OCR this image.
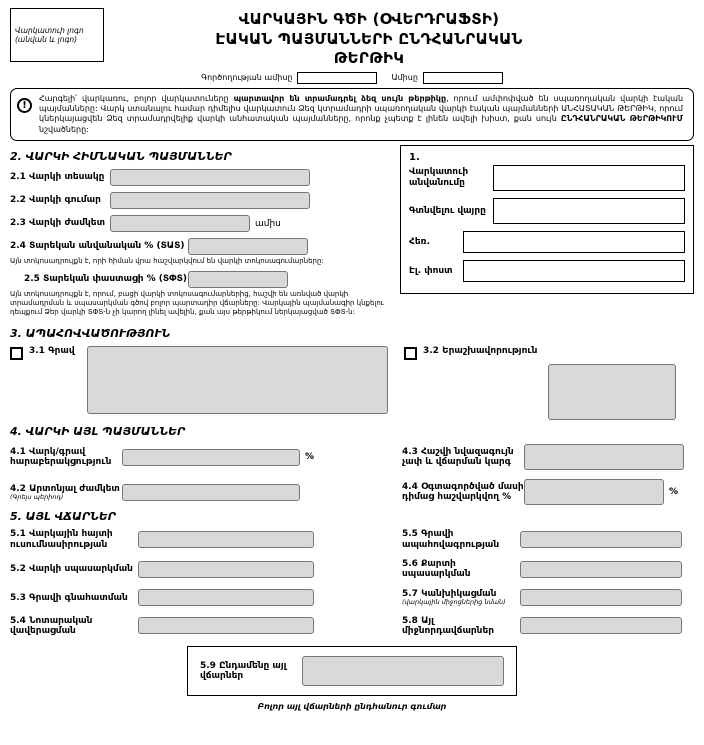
Վարկատուի լոգո (անվան և լոգո)
ՎԱՐԿԱՅԻՆ ԳԾԻ (ՕՎԵՐԴՐԱՖՏԻ)
ԷԱԿԱՆ ՊԱՅՄԱՆՆԵՐԻ ԸՆԴՀԱՆՐԱԿԱՆ
ԹԵՐԹԻԿ
Գործողության ամիսը	Ամիսը
!
Հարգելի՛ վարկառու, բոլոր վարկատուները պարտավոր են տրամադրել ձեզ սույն թերթիկը, որում ամփոփված են սպառողական վարկի էական պայմանները: Վարկ ստանալու համար դիմելիս վարկատուն Ձեզ կտրամադրի սպառողական վարկի էական պայմանների ԱՆՀԱՏԱԿԱՆ ԹԵՐԹԻԿ, որում կներկայացվեն Ձեզ տրամադրվելիք վարկի անհատական պայմանները, որոնք չպետք է լինեն ավելի խիստ, քան սույն ԸՆԴՀԱՆՐԱԿԱՆ ԹԵՐԹԻԿՈՒՄ նշվածները:
2. ՎԱՐԿԻ ՀԻՄՆԱԿԱՆ ՊԱՅՄԱՆՆԵՐ
2.1 Վարկի տեսակը
2.2 Վարկի գումար
2.3 Վարկի ժամկետ	ամիս
2.4 Տարեկան անվանական % (ՏԱՏ)
Այն տոկոսադրույքն է, որի հիման վրա հաշվարկվում են վարկի տոկոսագումարները:
2.5 Տարեկան փաստացի % (ՏՓՏ)
Այն տոկոսադրույքն է, որում, բացի վարկի տոկոսագումարներից, հաշվի են առնված վարկի տրամադրման և սպասարկման գծով բոլոր պարտադիր վճարները: Վարկային պայմանագիր կնքելու դեպքում Ձեր վարկի ՏՓՏ-ն չի կարող լինել ավելին, քան այս թերթիկում ներկայացված ՏՓՏ-ն:
1.
Վարկատուի անվանումը
Գտնվելու վայրը
Հեռ.
Էլ. փոստ
3. ԱՊԱՀՈՎՎԱԾՈՒԹՅՈՒՆ
3.1 Գրավ	3.2 Երաշխավորություն
4. ՎԱՐԿԻ ԱՅԼ ՊԱՅՄԱՆՆԵՐ
4.1 Վարկ/գրավ հարաբերակցություն	%
4.3 Հաշվի նվազագույն չափ և վճարման կարգ
4.2 Արտոնյալ ժամկետ
(Գրեյս պերիոդ)
4.4 Օգտագործված մասի դիմաց հաշվարկվող %	%
5. ԱՅԼ ՎՃԱՐՆԵՐ
5.1 Վարկային հայտի ուսումնասիրության
5.5 Գրավի ապահովագրության
5.2 Վարկի սպասարկման
5.6 Քարտի սպասարկման
5.3 Գրավի գնահատման	5.7 Կանխիկացման
(վարկային միջոցներից նման)
5.4 Նոտարական վավերացման
5.8 Այլ միջնորդավճարներ
5.9 Ընդամենը այլ վճարներ
Բոլոր այլ վճարների ընդհանուր գումար
